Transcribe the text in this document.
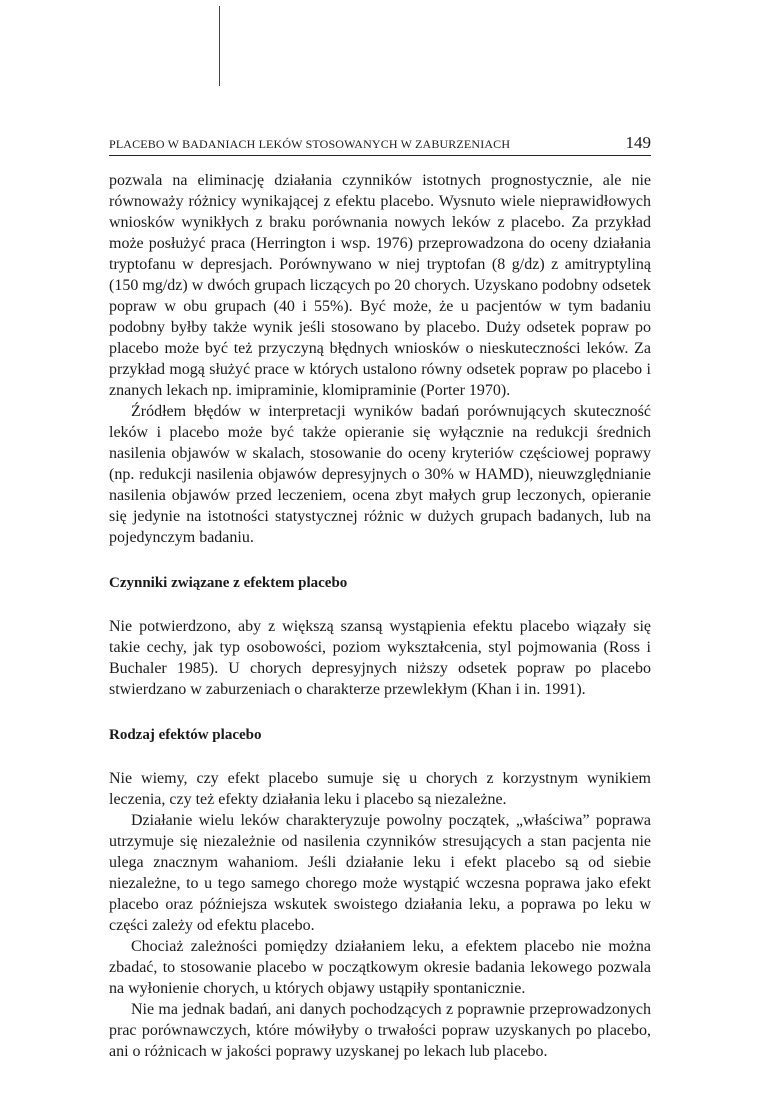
PLACEBO W BADANIACH LEKÓW STOSOWANYCH W ZABURZENIACH	149

pozwala na eliminację działania czynników istotnych prognostycznie, ale nie równoważy różnicy wynikającej z efektu placebo. Wysnuto wiele nieprawidłowych wniosków wynikłych z braku porównania nowych leków z placebo. Za przykład może posłużyć praca (Herrington i wsp. 1976) przeprowadzona do oceny działania tryptofanu w depresjach. Porównywano w niej tryptofan (8 g/dz) z amitryptyliną (150 mg/dz) w dwóch grupach liczących po 20 chorych. Uzyskano podobny odsetek popraw w obu grupach (40 i 55%). Być może, że u pacjentów w tym badaniu podobny byłby także wynik jeśli stosowano by placebo. Duży odsetek popraw po placebo może być też przyczyną błędnych wniosków o nieskuteczności leków. Za przykład mogą służyć prace w których ustalono równy odsetek popraw po placebo i znanych lekach np. imipraminie, klomipraminie (Porter 1970).

Źródłem błędów w interpretacji wyników badań porównujących skuteczność leków i placebo może być także opieranie się wyłącznie na redukcji średnich nasilenia objawów w skalach, stosowanie do oceny kryteriów częściowej poprawy (np. redukcji nasilenia objawów depresyjnych o 30% w HAMD), nieuwzględnianie nasilenia objawów przed leczeniem, ocena zbyt małych grup leczonych, opieranie się jedynie na istotności statystycznej różnic w dużych grupach badanych, lub na pojedynczym badaniu.

Czynniki związane z efektem placebo

Nie potwierdzono, aby z większą szansą wystąpienia efektu placebo wiązały się takie cechy, jak typ osobowości, poziom wykształcenia, styl pojmowania (Ross i Buchaler 1985). U chorych depresyjnych niższy odsetek popraw po placebo stwierdzano w zaburzeniach o charakterze przewlekłym (Khan i in. 1991).

Rodzaj efektów placebo

Nie wiemy, czy efekt placebo sumuje się u chorych z korzystnym wynikiem leczenia, czy też efekty działania leku i placebo są niezależne.

Działanie wielu leków charakteryzuje powolny początek, „właściwa” poprawa utrzymuje się niezależnie od nasilenia czynników stresujących a stan pacjenta nie ulega znacznym wahaniom. Jeśli działanie leku i efekt placebo są od siebie niezależne, to u tego samego chorego może wystąpić wczesna poprawa jako efekt placebo oraz późniejsza wskutek swoistego działania leku, a poprawa po leku w części zależy od efektu placebo.

Chociaż zależności pomiędzy działaniem leku, a efektem placebo nie można zbadać, to stosowanie placebo w początkowym okresie badania lekowego pozwala na wyłonienie chorych, u których objawy ustąpiły spontanicznie.

Nie ma jednak badań, ani danych pochodzących z poprawnie przeprowadzonych prac porównawczych, które mówiłyby o trwałości popraw uzyskanych po placebo, ani o różnicach w jakości poprawy uzyskanej po lekach lub placebo.
